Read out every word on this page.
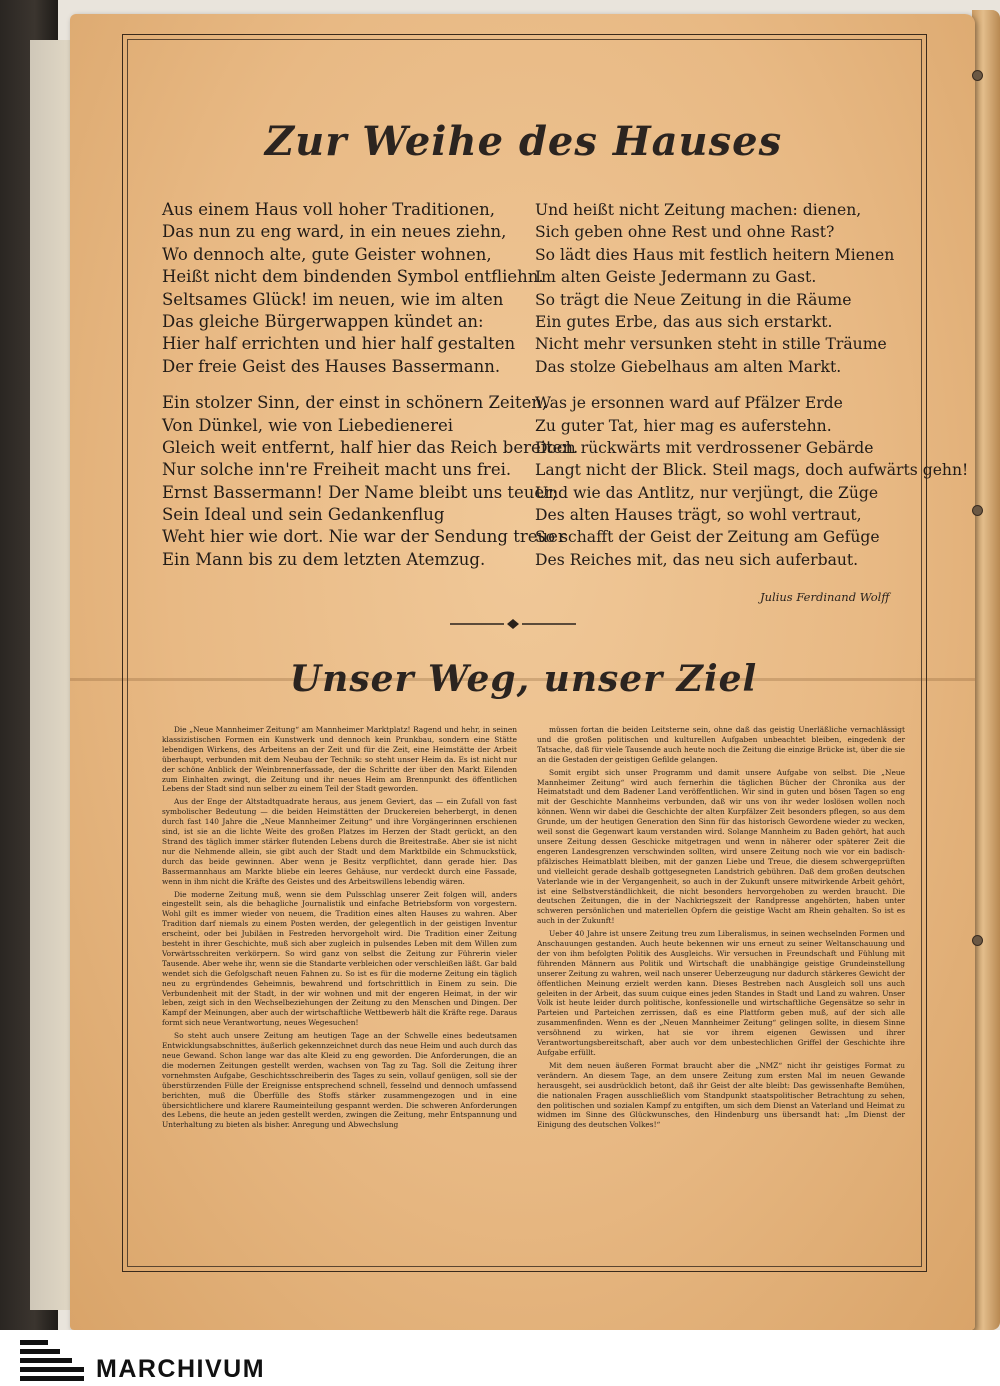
Zur Weihe des Hauses
Aus einem Haus voll hoher Traditionen,
Das nun zu eng ward, in ein neues ziehn,
Wo dennoch alte, gute Geister wohnen,
Heißt nicht dem bindenden Symbol entfliehn.
Seltsames Glück! im neuen, wie im alten
Das gleiche Bürgerwappen kündet an:
Hier half errichten und hier half gestalten
Der freie Geist des Hauses Bassermann.
Ein stolzer Sinn, der einst in schönern Zeiten,
Von Dünkel, wie von Liebedienerei
Gleich weit entfernt, half hier das Reich bereiten.
Nur solche inn're Freiheit macht uns frei.
Ernst Bassermann! Der Name bleibt uns teuer;
Sein Ideal und sein Gedankenflug
Weht hier wie dort. Nie war der Sendung treuer
Ein Mann bis zu dem letzten Atemzug.
Und heißt nicht Zeitung machen: dienen,
Sich geben ohne Rest und ohne Rast?
So lädt dies Haus mit festlich heitern Mienen
Im alten Geiste Jedermann zu Gast.
So trägt die Neue Zeitung in die Räume
Ein gutes Erbe, das aus sich erstarkt.
Nicht mehr versunken steht in stille Träume
Das stolze Giebelhaus am alten Markt.
Was je ersonnen ward auf Pfälzer Erde
Zu guter Tat, hier mag es auferstehn.
Doch rückwärts mit verdrossener Gebärde
Langt nicht der Blick. Steil mags, doch aufwärts gehn!
Und wie das Antlitz, nur verjüngt, die Züge
Des alten Hauses trägt, so wohl vertraut,
So schafft der Geist der Zeitung am Gefüge
Des Reiches mit, das neu sich auferbaut.
Julius Ferdinand Wolff
Unser Weg, unser Ziel

Die „Neue Mannheimer Zeitung“ am Mannheimer Marktplatz! Ragend und hehr, in seinen klassizistischen Formen ein Kunstwerk und dennoch kein Prunkbau, sondern eine Stätte lebendigen Wirkens, des Arbeitens an der Zeit und für die Zeit, eine Heimstätte der Arbeit überhaupt, verbunden mit dem Neubau der Technik: so steht unser Heim da. Es ist nicht nur der schöne Anblick der Weinbrennerfassade, der die Schritte der über den Markt Eilenden zum Einhalten zwingt, die Zeitung und ihr neues Heim am Brennpunkt des öffentlichen Lebens der Stadt sind nun selber zu einem Teil der Stadt geworden.

Aus der Enge der Altstadtquadrate heraus, aus jenem Geviert, das — ein Zufall von fast symbolischer Bedeutung — die beiden Heimstätten der Druckereien beherbergt, in denen durch fast 140 Jahre die „Neue Mannheimer Zeitung“ und ihre Vorgängerinnen erschienen sind, ist sie an die lichte Weite des großen Platzes im Herzen der Stadt gerückt, an den Strand des täglich immer stärker flutenden Lebens durch die Breitestraße. Aber sie ist nicht nur die Nehmende allein, sie gibt auch der Stadt und dem Marktbilde ein Schmuckstück, durch das beide gewinnen. Aber wenn je Besitz verpflichtet, dann gerade hier. Das Bassermannhaus am Markte bliebe ein leeres Gehäuse, nur verdeckt durch eine Fassade, wenn in ihm nicht die Kräfte des Geistes und des Arbeitswillens lebendig wären.

Die moderne Zeitung muß, wenn sie dem Pulsschlag unserer Zeit folgen will, anders eingestellt sein, als die behagliche Journalistik und einfache Betriebsform von vorgestern. Wohl gilt es immer wieder von neuem, die Tradition eines alten Hauses zu wahren. Aber Tradition darf niemals zu einem Posten werden, der gelegentlich in der geistigen Inventur erscheint, oder bei Jubiläen in Festreden hervorgeholt wird. Die Tradition einer Zeitung besteht in ihrer Geschichte, muß sich aber zugleich in pulsendes Leben mit dem Willen zum Vorwärtsschreiten verkörpern. So wird ganz von selbst die Zeitung zur Führerin vieler Tausende. Aber wehe ihr, wenn sie die Standarte verbleichen oder verschleißen läßt. Gar bald wendet sich die Gefolgschaft neuen Fahnen zu. So ist es für die moderne Zeitung ein täglich neu zu ergründendes Geheimnis, bewahrend und fortschrittlich in Einem zu sein. Die Verbundenheit mit der Stadt, in der wir wohnen und mit der engeren Heimat, in der wir leben, zeigt sich in den Wechselbeziehungen der Zeitung zu den Menschen und Dingen. Der Kampf der Meinungen, aber auch der wirtschaftliche Wettbewerb hält die Kräfte rege. Daraus formt sich neue Verantwortung, neues Wegesuchen!

So steht auch unsere Zeitung am heutigen Tage an der Schwelle eines bedeutsamen Entwicklungsabschnittes, äußerlich gekennzeichnet durch das neue Heim und auch durch das neue Gewand. Schon lange war das alte Kleid zu eng geworden. Die Anforderungen, die an die modernen Zeitungen gestellt werden, wachsen von Tag zu Tag. Soll die Zeitung ihrer vornehmsten Aufgabe, Geschichtsschreiberin des Tages zu sein, vollauf genügen, soll sie der überstürzenden Fülle der Ereignisse entsprechend schnell, fesselnd und dennoch umfassend berichten, muß die Überfülle des Stoffs stärker zusammengezogen und in eine übersichtlichere und klarere Raumeinteilung gespannt werden. Die schweren Anforderungen des Lebens, die heute an jeden gestellt werden, zwingen die Zeitung, mehr Entspannung und Unterhaltung zu bieten als bisher. Anregung und Abwechslung

müssen fortan die beiden Leitsterne sein, ohne daß das geistig Unerläßliche vernachlässigt und die großen politischen und kulturellen Aufgaben unbeachtet bleiben, eingedenk der Tatsache, daß für viele Tausende auch heute noch die Zeitung die einzige Brücke ist, über die sie an die Gestaden der geistigen Gefilde gelangen.

Somit ergibt sich unser Programm und damit unsere Aufgabe von selbst. Die „Neue Mannheimer Zeitung“ wird auch fernerhin die täglichen Bücher der Chronika aus der Heimatstadt und dem Badener Land veröffentlichen. Wir sind in guten und bösen Tagen so eng mit der Geschichte Mannheims verbunden, daß wir uns von ihr weder loslösen wollen noch können. Wenn wir dabei die Geschichte der alten Kurpfälzer Zeit besonders pflegen, so aus dem Grunde, um der heutigen Generation den Sinn für das historisch Gewordene wieder zu wecken, weil sonst die Gegenwart kaum verstanden wird. Solange Mannheim zu Baden gehört, hat auch unsere Zeitung dessen Geschicke mitgetragen und wenn in näherer oder späterer Zeit die engeren Landesgrenzen verschwinden sollten, wird unsere Zeitung noch wie vor ein badisch-pfälzisches Heimatblatt bleiben, mit der ganzen Liebe und Treue, die diesem schwergeprüften und vielleicht gerade deshalb gottgesegneten Landstrich gebühren. Daß dem großen deutschen Vaterlande wie in der Vergangenheit, so auch in der Zukunft unsere mitwirkende Arbeit gehört, ist eine Selbstverständlichkeit, die nicht besonders hervorgehoben zu werden braucht. Die deutschen Zeitungen, die in der Nachkriegszeit der Randpresse angehörten, haben unter schweren persönlichen und materiellen Opfern die geistige Wacht am Rhein gehalten. So ist es auch in der Zukunft!

Ueber 40 Jahre ist unsere Zeitung treu zum Liberalismus, in seinen wechselnden Formen und Anschauungen gestanden. Auch heute bekennen wir uns erneut zu seiner Weltanschauung und der von ihm befolgten Politik des Ausgleichs. Wir versuchen in Freundschaft und Fühlung mit führenden Männern aus Politik und Wirtschaft die unabhängige geistige Grundeinstellung unserer Zeitung zu wahren, weil nach unserer Ueberzeugung nur dadurch stärkeres Gewicht der öffentlichen Meinung erzielt werden kann. Dieses Bestreben nach Ausgleich soll uns auch geleiten in der Arbeit, das suum cuique eines jeden Standes in Stadt und Land zu wahren. Unser Volk ist heute leider durch politische, konfessionelle und wirtschaftliche Gegensätze so sehr in Parteien und Parteichen zerrissen, daß es eine Plattform geben muß, auf der sich alle zusammenfinden. Wenn es der „Neuen Mannheimer Zeitung“ gelingen sollte, in diesem Sinne versöhnend zu wirken, hat sie vor ihrem eigenen Gewissen und ihrer Verantwortungsbereitschaft, aber auch vor dem unbestechlichen Griffel der Geschichte ihre Aufgabe erfüllt.

Mit dem neuen äußeren Format braucht aber die „NMZ“ nicht ihr geistiges Format zu verändern. An diesem Tage, an dem unsere Zeitung zum ersten Mal im neuen Gewande herausgeht, sei ausdrücklich betont, daß ihr Geist der alte bleibt: Das gewissenhafte Bemühen, die nationalen Fragen ausschließlich vom Standpunkt staatspolitischer Betrachtung zu sehen, den politischen und sozialen Kampf zu entgiften, um sich dem Dienst an Vaterland und Heimat zu widmen im Sinne des Glückwunsches, den Hindenburg uns übersandt hat: „Im Dienst der Einigung des deutschen Volkes!“

MARCHIVUM
